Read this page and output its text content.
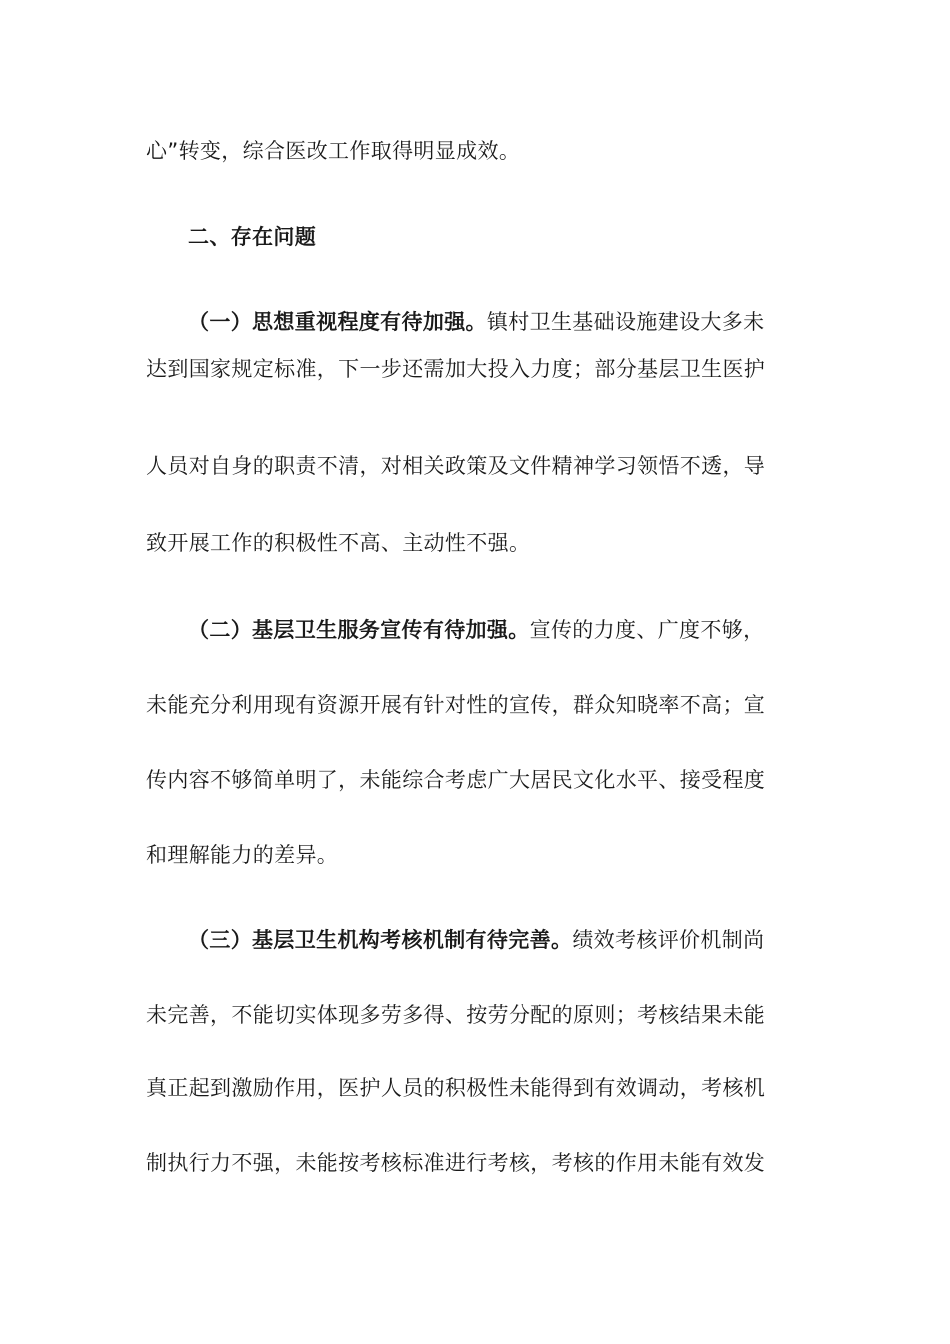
心”转变，综合医改工作取得明显成效。
二、存在问题
（一）思想重视程度有待加强。镇村卫生基础设施建设大多未
达到国家规定标准，下一步还需加大投入力度；部分基层卫生医护
人员对自身的职责不清，对相关政策及文件精神学习领悟不透，导
致开展工作的积极性不高、主动性不强。
（二）基层卫生服务宣传有待加强。宣传的力度、广度不够，
未能充分利用现有资源开展有针对性的宣传，群众知晓率不高；宣
传内容不够简单明了，未能综合考虑广大居民文化水平、接受程度
和理解能力的差异。
（三）基层卫生机构考核机制有待完善。绩效考核评价机制尚
未完善，不能切实体现多劳多得、按劳分配的原则；考核结果未能
真正起到激励作用，医护人员的积极性未能得到有效调动，考核机
制执行力不强，未能按考核标准进行考核，考核的作用未能有效发
